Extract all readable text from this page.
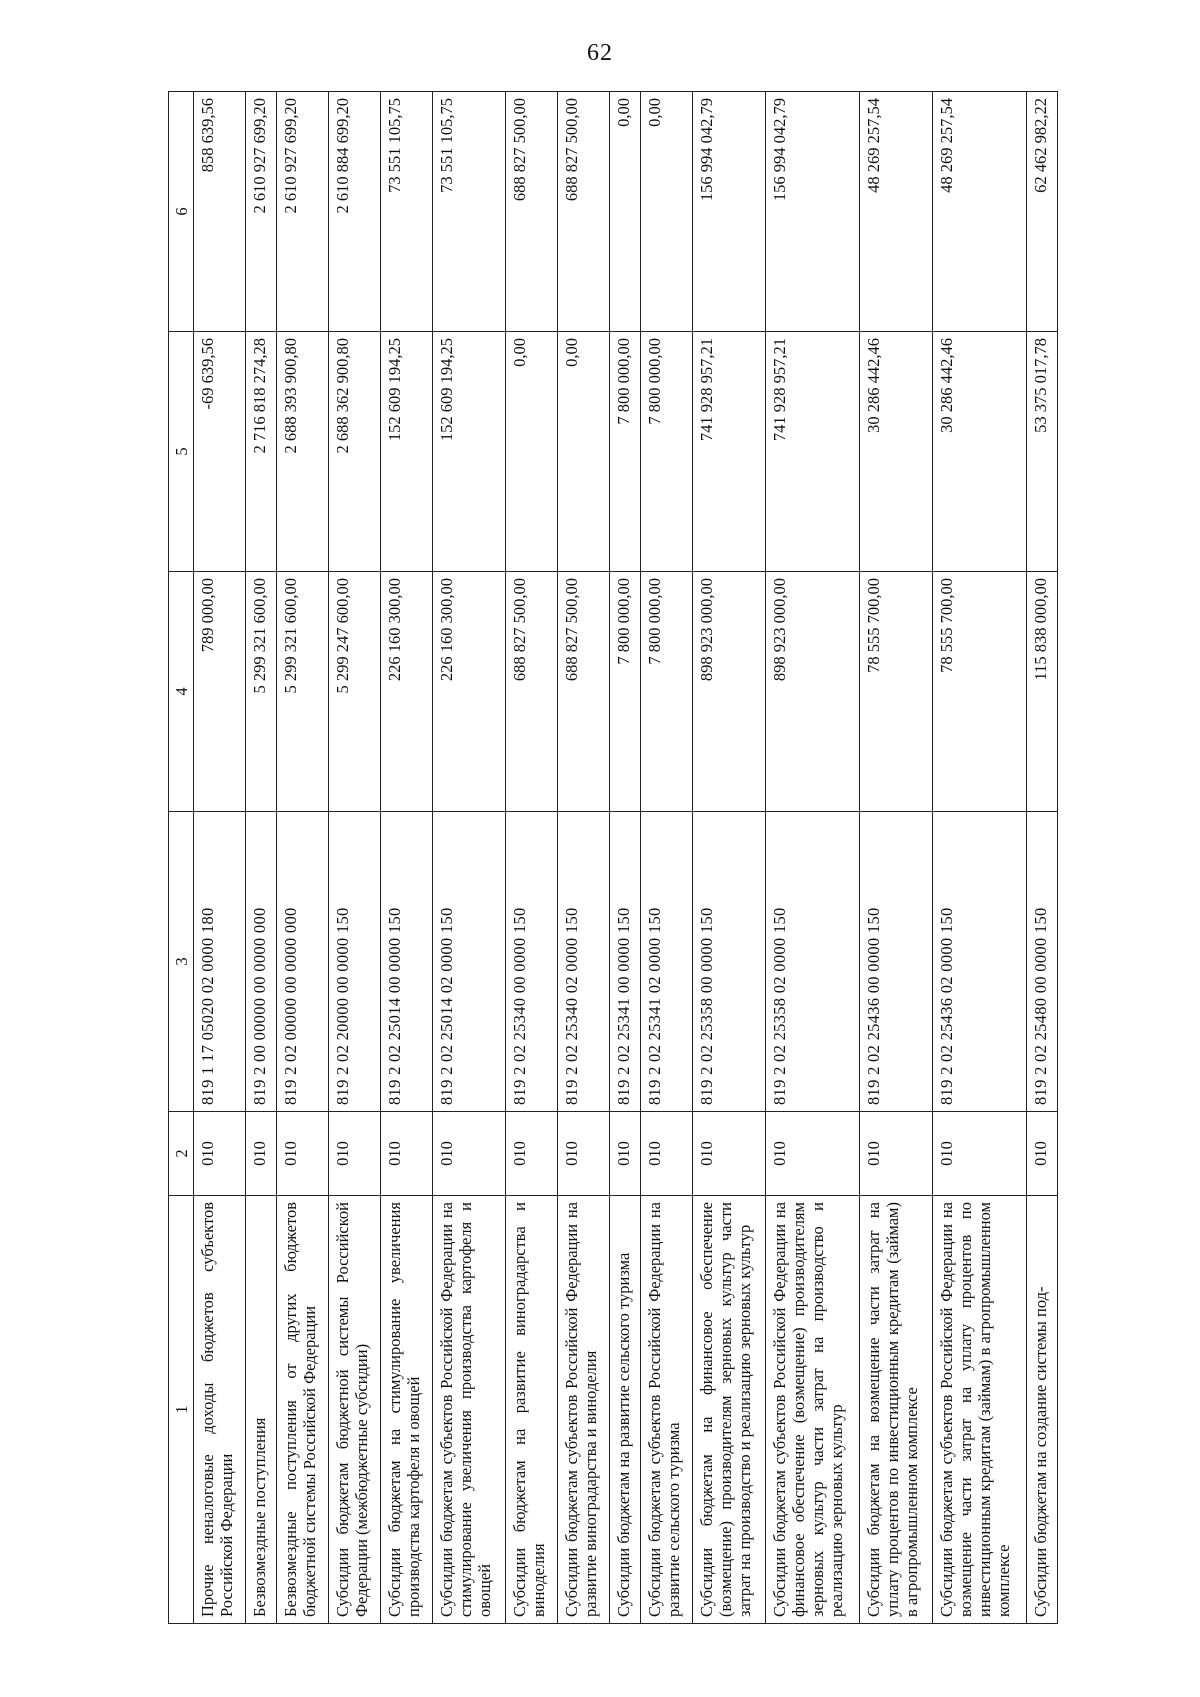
62
1	2	3	4	5	6
Прочие неналоговые доходы бюджетов субъектов Российской Федерации	010	819 1 17 05020 02 0000 180	789 000,00	-69 639,56	858 639,56
Безвозмездные поступления	010	819 2 00 00000 00 0000 000	5 299 321 600,00	2 716 818 274,28	2 610 927 699,20
Безвозмездные поступления от других бюджетов бюджетной системы Российской Федерации	010	819 2 02 00000 00 0000 000	5 299 321 600,00	2 688 393 900,80	2 610 927 699,20
Субсидии бюджетам бюджетной системы Российской Федерации (межбюджетные субсидии)	010	819 2 02 20000 00 0000 150	5 299 247 600,00	2 688 362 900,80	2 610 884 699,20
Субсидии бюджетам на стимулирование увеличения производства картофеля и овощей	010	819 2 02 25014 00 0000 150	226 160 300,00	152 609 194,25	73 551 105,75
Субсидии бюджетам субъектов Российской Федерации на стимулирование увеличения производства картофеля и овощей	010	819 2 02 25014 02 0000 150	226 160 300,00	152 609 194,25	73 551 105,75
Субсидии бюджетам на развитие виноградарства и виноделия	010	819 2 02 25340 00 0000 150	688 827 500,00	0,00	688 827 500,00
Субсидии бюджетам субъектов Российской Федерации на развитие виноградарства и виноделия	010	819 2 02 25340 02 0000 150	688 827 500,00	0,00	688 827 500,00
Субсидии бюджетам на развитие сельского туризма	010	819 2 02 25341 00 0000 150	7 800 000,00	7 800 000,00	0,00
Субсидии бюджетам субъектов Российской Федерации на развитие сельского туризма	010	819 2 02 25341 02 0000 150	7 800 000,00	7 800 000,00	0,00
Субсидии бюджетам на финансовое обеспечение (возмещение) производителям зерновых культур части затрат на производство и реализацию зерновых культур	010	819 2 02 25358 00 0000 150	898 923 000,00	741 928 957,21	156 994 042,79
Субсидии бюджетам субъектов Российской Федерации на финансовое обеспечение (возмещение) производителям зерновых культур части затрат на производство и реализацию зерновых культур	010	819 2 02 25358 02 0000 150	898 923 000,00	741 928 957,21	156 994 042,79
Субсидии бюджетам на возмещение части затрат на уплату процентов по инвестиционным кредитам (займам) в агропромышленном комплексе	010	819 2 02 25436 00 0000 150	78 555 700,00	30 286 442,46	48 269 257,54
Субсидии бюджетам субъектов Российской Федерации на возмещение части затрат на уплату процентов по инвестиционным кредитам (займам) в агропромышленном комплексе	010	819 2 02 25436 02 0000 150	78 555 700,00	30 286 442,46	48 269 257,54
Субсидии бюджетам на создание системы под-	010	819 2 02 25480 00 0000 150	115 838 000,00	53 375 017,78	62 462 982,22
